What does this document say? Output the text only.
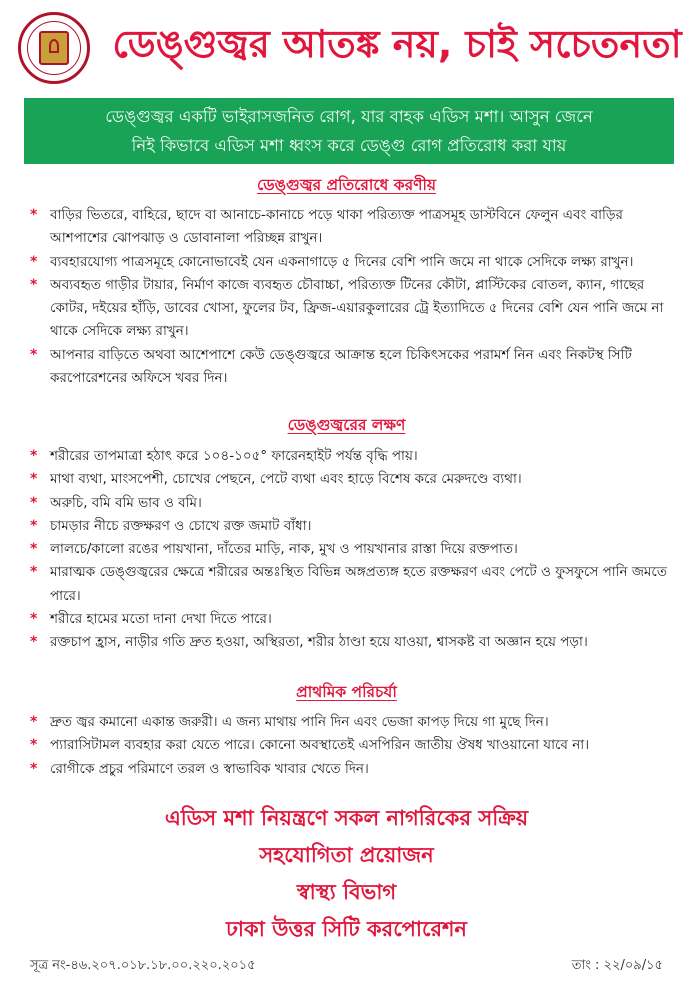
ডেঙ্গুজ্বর আতঙ্ক নয়, চাই সচেতনতা
ডেঙ্গুজ্বর একটি ভাইরাসজনিত রোগ, যার বাহক এডিস মশা। আসুন জেনে
নিই কিভাবে এডিস মশা ধ্বংস করে ডেঙ্গু রোগ প্রতিরোধ করা যায়
ডেঙ্গুজ্বর প্রতিরোধে করণীয়
* বাড়ির ভিতরে, বাহিরে, ছাদে বা আনাচে-কানাচে পড়ে থাকা পরিত্যক্ত পাত্রসমূহ ডাস্টবিনে ফেলুন এবং বাড়ির আশপাশের ঝোপঝাড় ও ডোবানালা পরিচ্ছন্ন রাখুন।
* ব্যবহারযোগ্য পাত্রসমূহে কোনোভাবেই যেন একনাগাড়ে ৫ দিনের বেশি পানি জমে না থাকে সেদিকে লক্ষ্য রাখুন।
* অব্যবহৃত গাড়ীর টায়ার, নির্মাণ কাজে ব্যবহৃত চৌবাচ্চা, পরিত্যক্ত টিনের কৌটা, প্লাস্টিকের বোতল, ক্যান, গাছের কোটর, দইয়ের হাঁড়ি, ডাবের খোসা, ফুলের টব, ফ্রিজ-এয়ারকুলারের ট্রে ইত্যাদিতে ৫ দিনের বেশি যেন পানি জমে না থাকে সেদিকে লক্ষ্য রাখুন।
* আপনার বাড়িতে অথবা আশেপাশে কেউ ডেঙ্গুজ্বরে আক্রান্ত হলে চিকিৎসকের পরামর্শ নিন এবং নিকটস্থ সিটি করপোরেশনের অফিসে খবর দিন।
ডেঙ্গুজ্বরের লক্ষণ
* শরীরের তাপমাত্রা হঠাৎ করে ১০৪-১০৫° ফারেনহাইট পর্যন্ত বৃদ্ধি পায়।
* মাথা ব্যথা, মাংসপেশী, চোখের পেছনে, পেটে ব্যথা এবং হাড়ে বিশেষ করে মেরুদণ্ডে ব্যথা।
* অরুচি, বমি বমি ভাব ও বমি।
* চামড়ার নীচে রক্তক্ষরণ ও চোখে রক্ত জমাট বাঁধা।
* লালচে/কালো রঙের পায়খানা, দাঁতের মাড়ি, নাক, মুখ ও পায়খানার রাস্তা দিয়ে রক্তপাত।
* মারাত্মক ডেঙ্গুজ্বরের ক্ষেত্রে শরীরের অন্তঃস্থিত বিভিন্ন অঙ্গপ্রত্যঙ্গ হতে রক্তক্ষরণ এবং পেটে ও ফুসফুসে পানি জমতে পারে।
* শরীরে হামের মতো দানা দেখা দিতে পারে।
* রক্তচাপ হ্রাস, নাড়ীর গতি দ্রুত হওয়া, অস্থিরতা, শরীর ঠাণ্ডা হয়ে যাওয়া, শ্বাসকষ্ট বা অজ্ঞান হয়ে পড়া।
প্রাথমিক পরিচর্যা
* দ্রুত জ্বর কমানো একান্ত জরুরী। এ জন্য মাথায় পানি দিন এবং ভেজা কাপড় দিয়ে গা মুছে দিন।
* প্যারাসিটামল ব্যবহার করা যেতে পারে। কোনো অবস্থাতেই এসপিরিন জাতীয় ঔষধ খাওয়ানো যাবে না।
* রোগীকে প্রচুর পরিমাণে তরল ও স্বাভাবিক খাবার খেতে দিন।
এডিস মশা নিয়ন্ত্রণে সকল নাগরিকের সক্রিয়
সহযোগিতা প্রয়োজন
স্বাস্থ্য বিভাগ
ঢাকা উত্তর সিটি করপোরেশন
সূত্র নং-৪৬.২০৭.০১৮.১৮.০০.২২০.২০১৫	তাং : ২২/০৯/১৫
